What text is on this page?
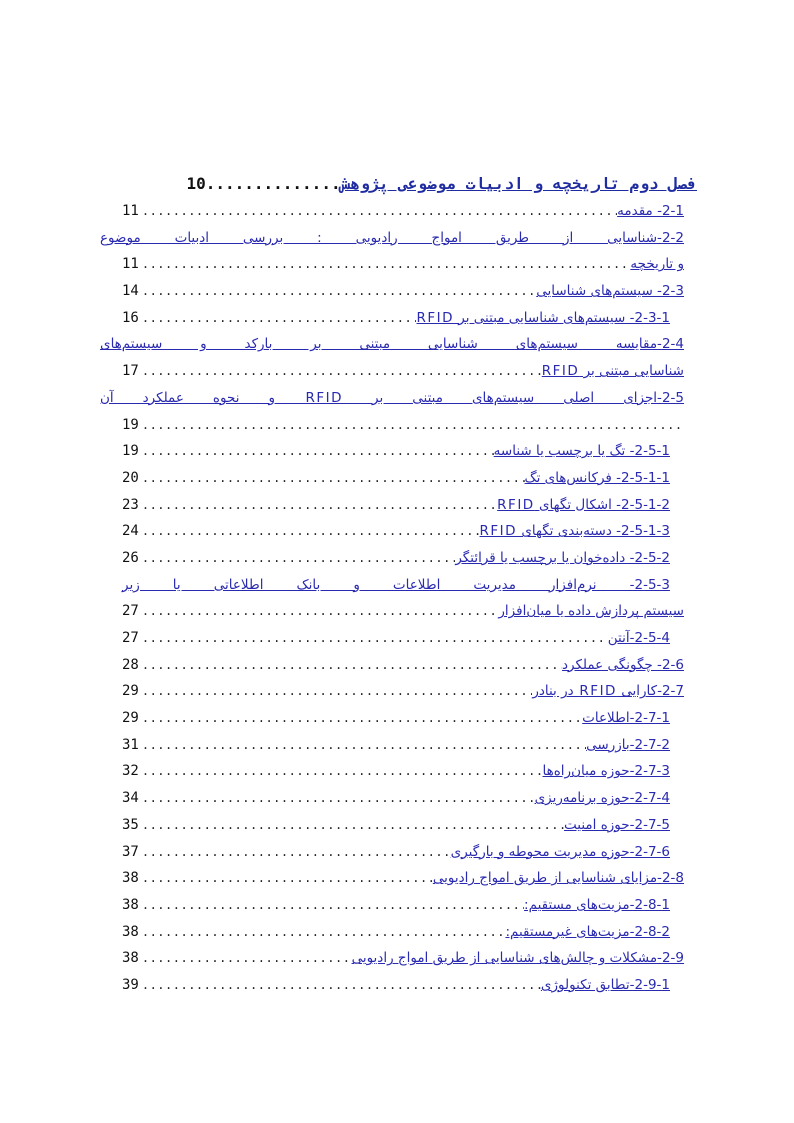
10 .............. فصل دوم تاریخچه و ادبیات موضوعی پژوهش
2-1- مقدمه
.....
11
2-2-شناسایی از طریق امواج رادیویی : بررسی ادبیات موضوع
و تاریخچه
.....
11
2-3- سیستم‌های شناسایی
.....
14
2-3-1- سیستم‌های شناسایی مبتنی بر RFID
.....
16
2-4-مقایسه سیستم‌های شناسایی مبتنی بر بارکد و سیستم‌های
شناسایی مبتنی بر RFID
.....
17
2-5-اجزای اصلی سیستم‌های مبتنی بر RFID و نحوه عملکرد آن
.....
19
2-5-1- تگ یا برچسب یا شناسه
.....
19
2-5-1-1- فرکانس‌های تگ
.....
20
2-5-1-2- اشکال تگهای RFID
.....
23
2-5-1-3- دسته‌بندی تگهای RFID
.....
24
2-5-2- داده‌خوان یا برچسب یا قرائتگر
.....
26
2-5-3- نرم‌افزار مدیریت اطلاعات و بانک اطلاعاتی یا زیر
سیستم پردازش داده یا میان‌افزار
.....
27
2-5-4-آنتن
.....
27
2-6- چگونگی عملکرد
.....
28
2-7-کارایی RFID در بنادر
.....
29
2-7-1-اطلاعات
.....
29
2-7-2-بازرسی
.....
31
2-7-3-حوزه میان‌راه‌ها
.....
32
2-7-4-حوزه برنامه‌ریزی
.....
34
2-7-5-حوزه امنیت
.....
35
2-7-6-حوزه مدیریت محوطه و بارگیری
.....
37
2-8-مزایای شناسایی از طریق امواج رادیویی
.....
38
2-8-1-مزیت‌های مستقیم:
.....
38
2-8-2-مزیت‌های غیرمستقیم:
.....
38
2-9-مشکلات و چالش‌های شناسایی از طریق امواج رادیویی
.....
38
2-9-1-تطابق تکنولوژی
.....
39
